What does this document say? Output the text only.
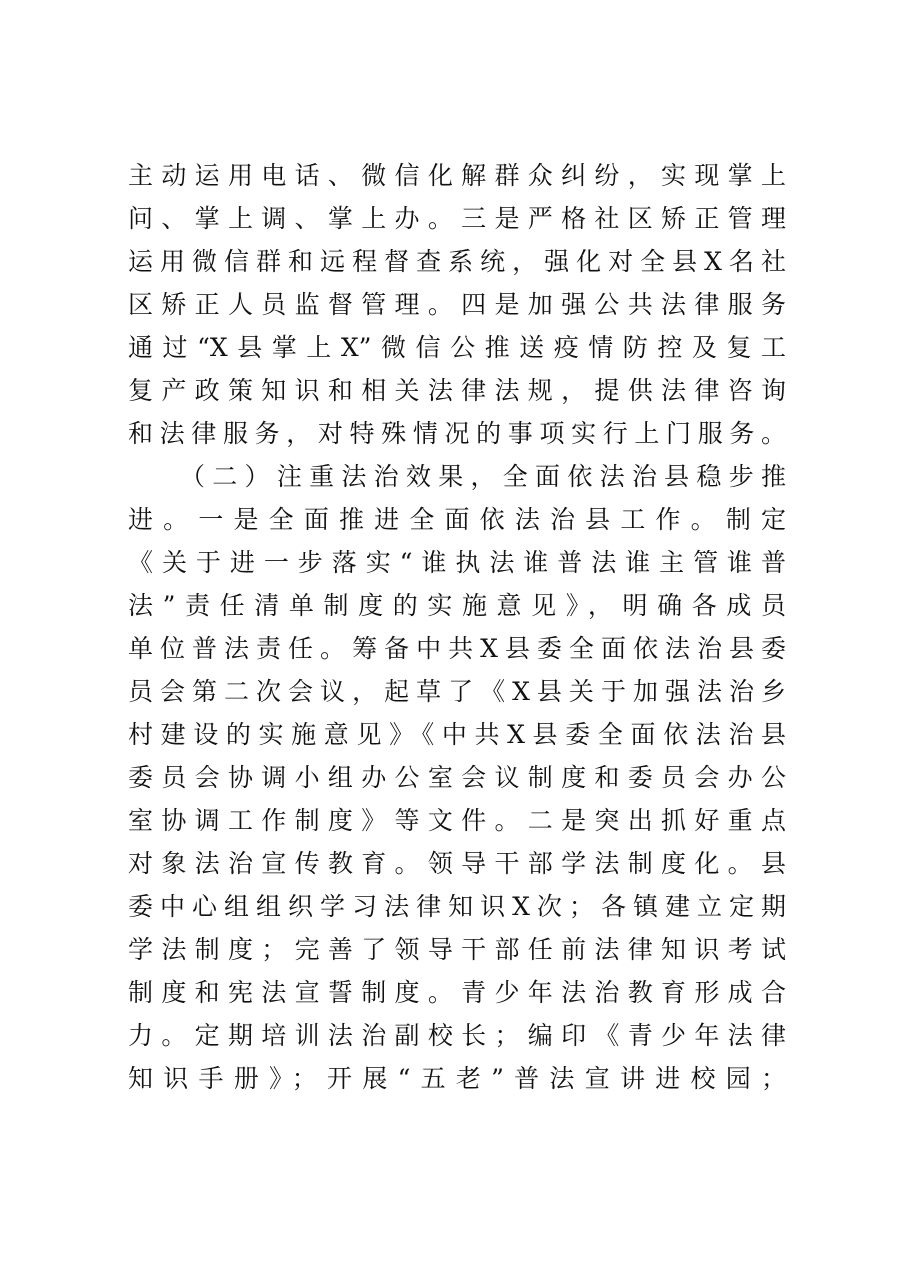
主动运用电话、微信化解群众纠纷，实现掌上
问、掌上调、掌上办。三是严格社区矫正管理
运用微信群和远程督查系统，强化对全县X名社
区矫正人员监督管理。四是加强公共法律服务
通过“X县掌上X”微信公推送疫情防控及复工
复产政策知识和相关法律法规，提供法律咨询
和法律服务，对特殊情况的事项实行上门服务。
（二）注重法治效果，全面依法治县稳步推
进。一是全面推进全面依法治县工作。制定
《关于进一步落实“谁执法谁普法谁主管谁普
法”责任清单制度的实施意见》，明确各成员
单位普法责任。筹备中共X县委全面依法治县委
员会第二次会议，起草了《X县关于加强法治乡
村建设的实施意见》《中共X县委全面依法治县
委员会协调小组办公室会议制度和委员会办公
室协调工作制度》等文件。二是突出抓好重点
对象法治宣传教育。领导干部学法制度化。县
委中心组组织学习法律知识X次；各镇建立定期
学法制度；完善了领导干部任前法律知识考试
制度和宪法宣誓制度。青少年法治教育形成合
力。定期培训法治副校长；编印《青少年法律
知识手册》；开展“五老”普法宣讲进校园；
